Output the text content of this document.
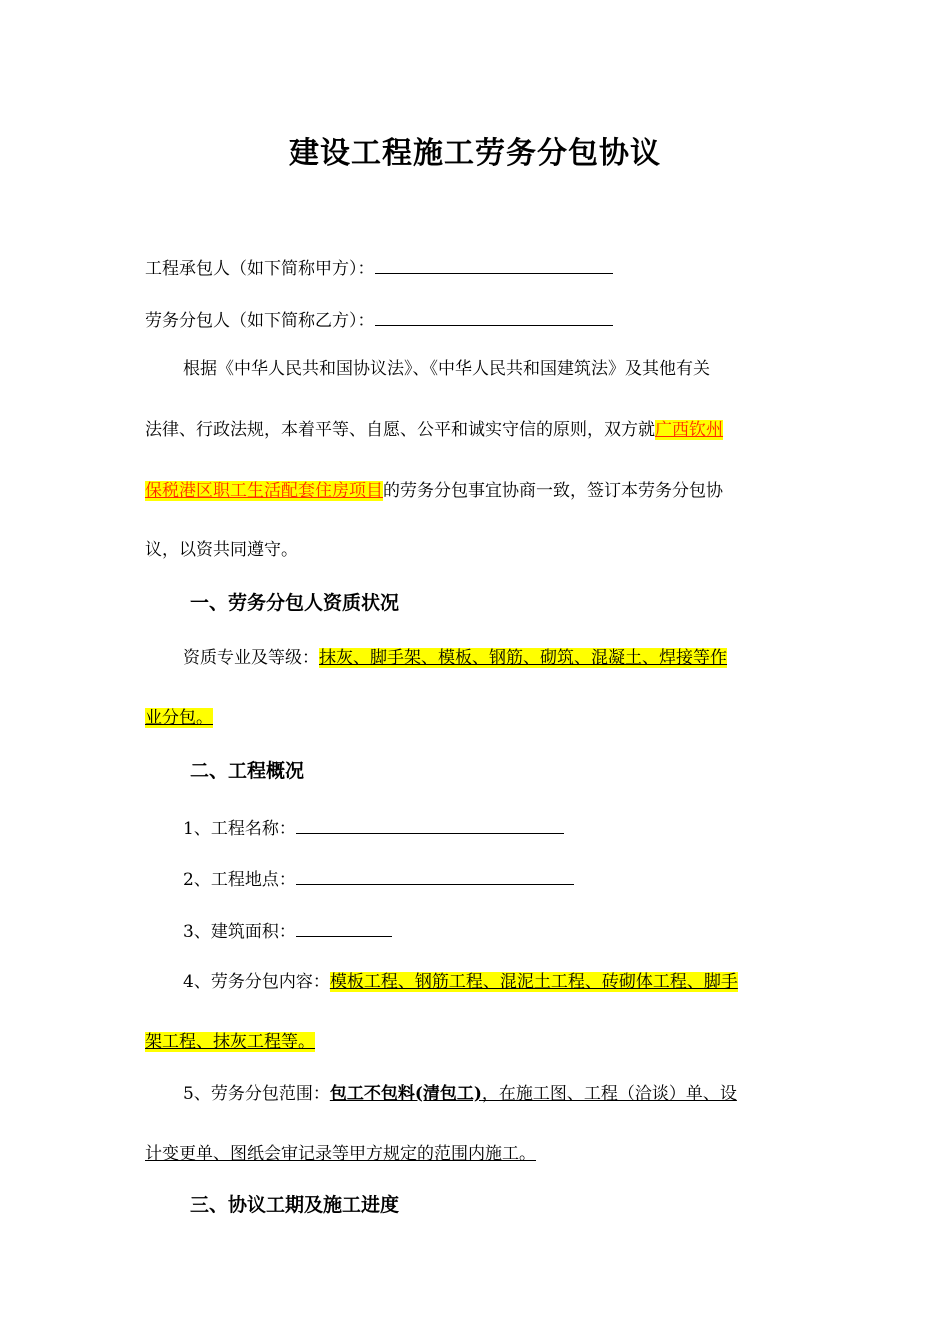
建设工程施工劳务分包协议
工程承包人（如下简称甲方）：
劳务分包人（如下简称乙方）：
根据《中华人民共和国协议法》、《中华人民共和国建筑法》及其他有关
法律、行政法规，本着平等、自愿、公平和诚实守信的原则，双方就广西钦州
保税港区职工生活配套住房项目的劳务分包事宜协商一致，签订本劳务分包协
议，以资共同遵守。
一、劳务分包人资质状况
资质专业及等级：抹灰、脚手架、模板、钢筋、砌筑、混凝土、焊接等作
业分包。
二、工程概况
1、工程名称：
2、工程地点：
3、建筑面积：
4、劳务分包内容：模板工程、钢筋工程、混泥土工程、砖砌体工程、脚手
架工程、抹灰工程等。
5、劳务分包范围：包工不包料(清包工)，在施工图、工程（洽谈）单、设
计变更单、图纸会审记录等甲方规定的范围内施工。
三、协议工期及施工进度
